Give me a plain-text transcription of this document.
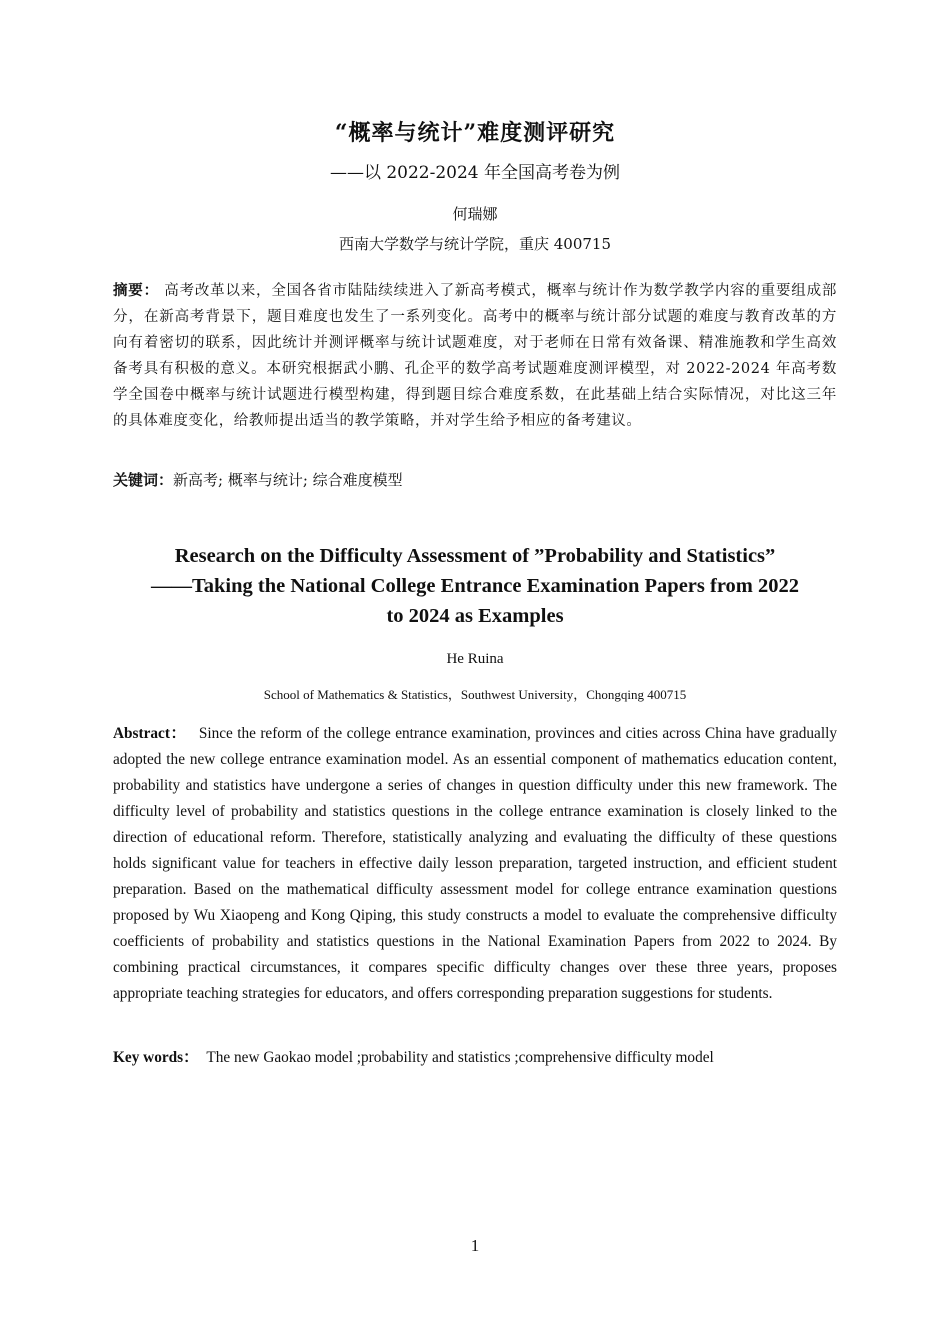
“概率与统计”难度测评研究
——以 2022-2024 年全国高考卷为例
何瑞娜
西南大学数学与统计学院，重庆 400715
摘要： 高考改革以来，全国各省市陆陆续续进入了新高考模式，概率与统计作为数学教学内容的重要组成部分，在新高考背景下，题目难度也发生了一系列变化。高考中的概率与统计部分试题的难度与教育改革的方向有着密切的联系，因此统计并测评概率与统计试题难度，对于老师在日常有效备课、精准施教和学生高效备考具有积极的意义。本研究根据武小鹏、孔企平的数学高考试题难度测评模型，对 2022-2024 年高考数学全国卷中概率与统计试题进行模型构建，得到题目综合难度系数，在此基础上结合实际情况，对比这三年的具体难度变化，给教师提出适当的教学策略，并对学生给予相应的备考建议。
关键词：新高考; 概率与统计; 综合难度模型
Research on the Difficulty Assessment of ”Probability and Statistics”
——Taking the National College Entrance Examination Papers from 2022
to 2024 as Examples
He Ruina
School of Mathematics & Statistics，Southwest University，Chongqing 400715
Abstract： Since the reform of the college entrance examination, provinces and cities across China have gradually adopted the new college entrance examination model. As an essential component of mathematics education content, probability and statistics have undergone a series of changes in question difficulty under this new framework. The difficulty level of probability and statistics questions in the college entrance examination is closely linked to the direction of educational reform. Therefore, statistically analyzing and evaluating the difficulty of these questions holds significant value for teachers in effective daily lesson preparation, targeted instruction, and efficient student preparation. Based on the mathematical difficulty assessment model for college entrance examination questions proposed by Wu Xiaopeng and Kong Qiping, this study constructs a model to evaluate the comprehensive difficulty coefficients of probability and statistics questions in the National Examination Papers from 2022 to 2024. By combining practical circumstances, it compares specific difficulty changes over these three years, proposes appropriate teaching strategies for educators, and offers corresponding preparation suggestions for students.
Key words： The new Gaokao model ;probability and statistics ;comprehensive difficulty model
1
